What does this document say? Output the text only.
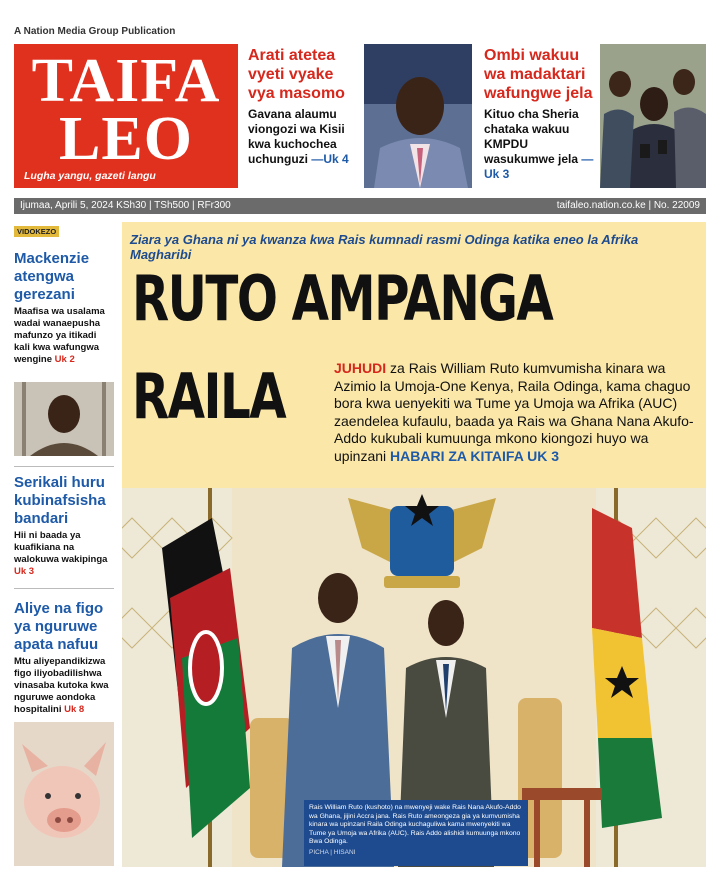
A Nation Media Group Publication
TAIFA
LEO
Lugha yangu, gazeti langu
Arati atetea vyeti vyake vya masomo
Gavana alaumu viongozi wa Kisii kwa kuchochea uchunguzi —Uk 4
Ombi wakuu wa madaktari wafungwe jela
Kituo cha Sheria chataka wakuu KMPDU wasukumwe jela —Uk 3
Ijumaa, Aprili 5, 2024 KSh30 | TSh500 | RFr300	taifaleo.nation.co.ke | No. 22009
VIDOKEZO
Mackenzie atengwa gerezani
Maafisa wa usalama wadai wanaepusha mafunzo ya itikadi kali kwa wafungwa wengine Uk 2
Serikali huru kubinafsisha bandari
Hii ni baada ya kuafikiana na walokuwa wakipinga Uk 3
Aliye na figo ya nguruwe apata nafuu
Mtu aliyepandikizwa figo iliyobadilishwa vinasaba kutoka kwa nguruwe aondoka hospitalini Uk 8
Ziara ya Ghana ni ya kwanza kwa Rais kumnadi rasmi Odinga katika eneo la Afrika Magharibi
RUTO AMPANGA
RAILA	JUHUDI za Rais William Ruto kumvumisha kinara wa Azimio la Umoja-One Kenya, Raila Odinga, kama chaguo bora kwa uenyekiti wa Tume ya Umoja wa Afrika (AUC) zaendelea kufaulu, baada ya Rais wa Ghana Nana Akufo-Addo kukubali kumuunga mkono kiongozi huyo wa upinzani HABARI ZA KITAIFA UK 3
Rais William Ruto (kushoto) na mwenyeji wake Rais Nana Akufo-Addo wa Ghana, jijini Accra jana. Rais Ruto ameongeza gia ya kumvumisha kinara wa upinzani Raila Odinga kuchaguliwa kama mwenyekiti wa Tume ya Umoja wa Afrika (AUC). Rais Addo alishidi kumuunga mkono Bwa Odinga.
PICHA | HISANI
